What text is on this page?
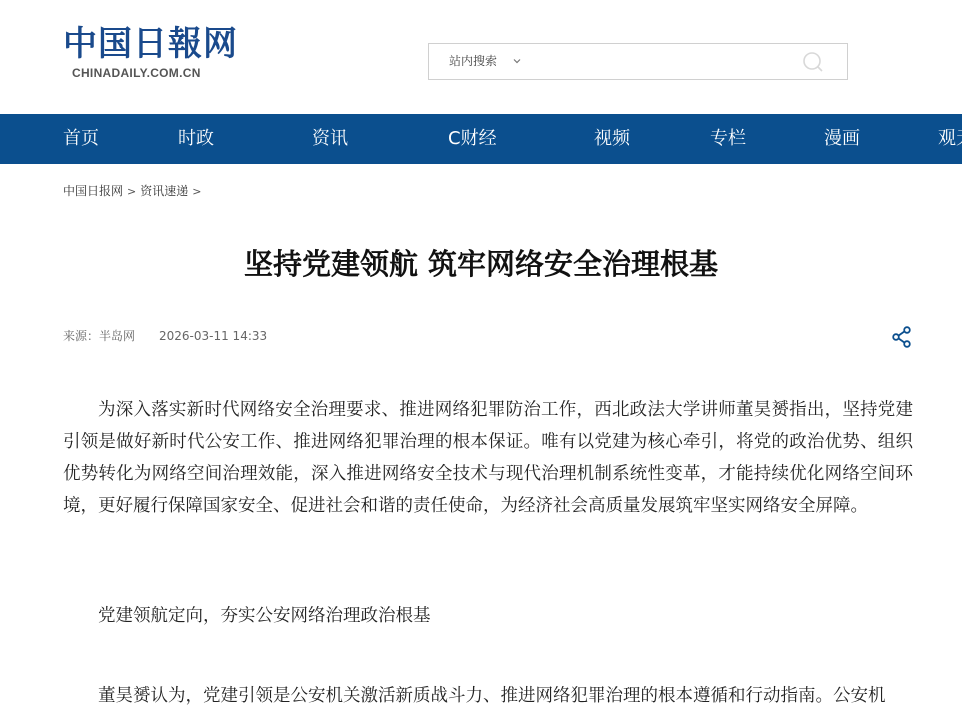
中国日報网
CHINADAILY.COM.CN
站内搜索
首页	时政	资讯	C财经	视频	专栏	漫画	观天
中国日报网 > 资讯速递 >
坚持党建领航 筑牢网络安全治理根基
来源：半岛网 2026-03-11 14:33

为深入落实新时代网络安全治理要求、推进网络犯罪防治工作，西北政法大学讲师董昊赟指出，坚持党建引领是做好新时代公安工作、推进网络犯罪治理的根本保证。唯有以党建为核心牵引，将党的政治优势、组织优势转化为网络空间治理效能，深入推进网络安全技术与现代治理机制系统性变革，才能持续优化网络空间环境，更好履行保障国家安全、促进社会和谐的责任使命，为经济社会高质量发展筑牢坚实网络安全屏障。

党建领航定向，夯实公安网络治理政治根基

董昊赟认为，党建引领是公安机关激活新质战斗力、推进网络犯罪治理的根本遵循和行动指南。公安机
